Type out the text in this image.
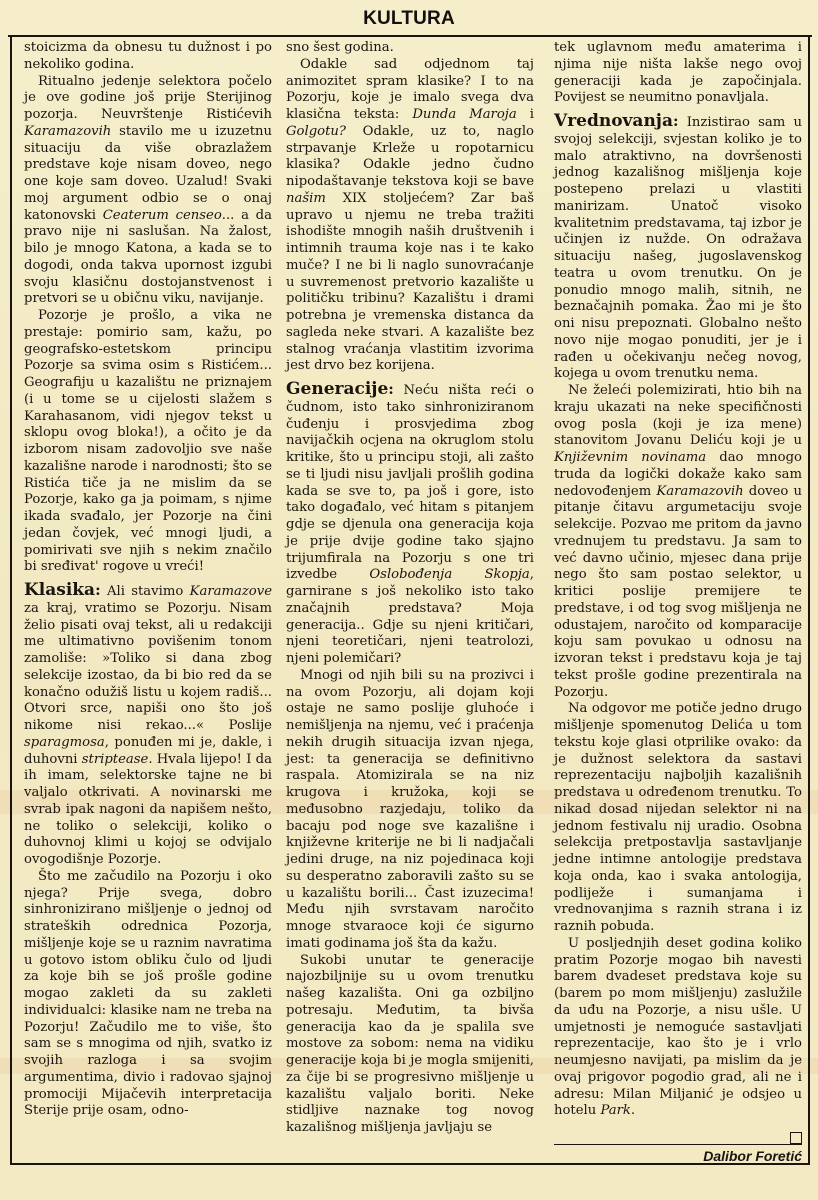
KULTURA

stoicizma da obnesu tu dužnost i po nekoliko godina.

Ritualno jedenje selektora počelo je ove godine još prije Sterijinog pozorja. Neuvrštenje Ristićevih Karamazovih stavilo me u izuzetnu situaciju da više obrazlažem predstave koje nisam doveo, nego one koje sam doveo. Uzalud! Svaki moj argument odbio se o onaj katonovski Ceaterum censeo... a da pravo nije ni saslušan. Na žalost, bilo je mnogo Katona, a kada se to dogodi, onda takva upornost izgubi svoju klasičnu dostojanstvenost i pretvori se u običnu viku, navijanje.

Pozorje je prošlo, a vika ne prestaje: pomirio sam, kažu, po geografsko-estetskom principu Pozorje sa svima osim s Ristićem... Geografiju u kazalištu ne priznajem (i u tome se u cijelosti slažem s Karahasanom, vidi njegov tekst u sklopu ovog bloka!), a očito je da izborom nisam zadovoljio sve naše kazališne narode i narodnosti; što se Ristića tiče ja ne mislim da se Pozorje, kako ga ja poimam, s njime ikada svađalo, jer Pozorje na čini jedan čovjek, već mnogi ljudi, a pomirivati sve njih s nekim značilo bi sređivat' rogove u vreći!

Klasika: Ali stavimo Karamazove za kraj, vratimo se Pozorju. Nisam želio pisati ovaj tekst, ali u redakciji me ultimativno povišenim tonom zamoliše: »Toliko si dana zbog selekcije izostao, da bi bio red da se konačno odužiš listu u kojem radiš... Otvori srce, napiši ono što još nikome nisi rekao...« Poslije sparagmosa, ponuđen mi je, dakle, i duhovni striptease. Hvala lijepo! I da ih imam, selektorske tajne ne bi valjalo otkrivati. A novinarski me svrab ipak nagoni da napišem nešto, ne toliko o selekciji, koliko o duhovnoj klimi u kojoj se odvijalo ovogodišnje Pozorje.

Što me začudilo na Pozorju i oko njega? Prije svega, dobro sinhronizirano mišljenje o jednoj od strateških odrednica Pozorja, mišljenje koje se u raznim navratima u gotovo istom obliku čulo od ljudi za koje bih se još prošle godine mogao zakleti da su zakleti individualci: klasike nam ne treba na Pozorju! Začudilo me to više, što sam se s mnogima od njih, svatko iz svojih razloga i sa svojim argumentima, divio i radovao sjajnoj promociji Mijačevih interpretacija Sterije prije osam, odno-

sno šest godina.

Odakle sad odjednom taj animozitet spram klasike? I to na Pozorju, koje je imalo svega dva klasična teksta: Dunda Maroja i Golgotu? Odakle, uz to, naglo strpavanje Krleže u ropotarnicu klasika? Odakle jedno čudno nipodaštavanje tekstova koji se bave našim XIX stoljećem? Zar baš upravo u njemu ne treba tražiti ishodište mnogih naših društvenih i intimnih trauma koje nas i te kako muče? I ne bi li naglo sunovraćanje u suvremenost pretvorio kazalište u političku tribinu? Kazalištu i drami potrebna je vremenska distanca da sagleda neke stvari. A kazalište bez stalnog vraćanja vlastitim izvorima jest drvo bez korijena.

Generacije: Neću ništa reći o čudnom, isto tako sinhroniziranom čuđenju i prosvjedima zbog navijačkih ocjena na okruglom stolu kritike, što u principu stoji, ali zašto se ti ljudi nisu javljali prošlih godina kada se sve to, pa još i gore, isto tako događalo, već hitam s pitanjem gdje se djenula ona generacija koja je prije dvije godine tako sjajno trijumfirala na Pozorju s one tri izvedbe Oslobođenja Skopja, garnirane s još nekoliko isto tako značajnih predstava? Moja generacija.. Gdje su njeni kritičari, njeni teoretičari, njeni teatrolozi, njeni polemičari?

Mnogi od njih bili su na prozivci i na ovom Pozorju, ali dojam koji ostaje ne samo poslije gluhoće i nemišljenja na njemu, već i praćenja nekih drugih situacija izvan njega, jest: ta generacija se definitivno raspala. Atomizirala se na niz krugova i kružoka, koji se međusobno razjedaju, toliko da bacaju pod noge sve kazališne i književne kriterije ne bi li nadjačali jedini druge, na niz pojedinaca koji su desperatno zaboravili zašto su se u kazalištu borili... Čast izuzecima! Među njih svrstavam naročito mnoge stvaraoce koji će sigurno imati godinama još šta da kažu.

Sukobi unutar te generacije najozbiljnije su u ovom trenutku našeg kazališta. Oni ga ozbiljno potresaju. Međutim, ta bivša generacija kao da je spalila sve mostove za sobom: nema na vidiku generacije koja bi je mogla smijeniti, za čije bi se progresivno mišljenje u kazalištu valjalo boriti. Neke stidljive naznake tog novog kazališnog mišljenja javljaju se

tek uglavnom među amaterima i njima nije ništa lakše nego ovoj generaciji kada je započinjala. Povijest se neumitno ponavljala.

Vrednovanja: Inzistirao sam u svojoj selekciji, svjestan koliko je to malo atraktivno, na dovršenosti jednog kazališnog mišljenja koje postepeno prelazi u vlastiti manirizam. Unatoč visoko kvalitetnim predstavama, taj izbor je učinjen iz nužde. On odražava situaciju našeg, jugoslavenskog teatra u ovom trenutku. On je ponudio mnogo malih, sitnih, ne beznačajnih pomaka. Žao mi je što oni nisu prepoznati. Globalno nešto novo nije mogao ponuditi, jer je i rađen u očekivanju nečeg novog, kojega u ovom trenutku nema.

Ne želeći polemizirati, htio bih na kraju ukazati na neke specifičnosti ovog posla (koji je iza mene) stanovitom Jovanu Deliću koji je u Književnim novinama dao mnogo truda da logički dokaže kako sam nedovođenjem Karamazovih doveo u pitanje čitavu argumetaciju svoje selekcije. Pozvao me pritom da javno vrednujem tu predstavu. Ja sam to već davno učinio, mjesec dana prije nego što sam postao selektor, u kritici poslije premijere te predstave, i od tog svog mišljenja ne odustajem, naročito od komparacije koju sam povukao u odnosu na izvoran tekst i predstavu koja je taj tekst prošle godine prezentirala na Pozorju.

Na odgovor me potiče jedno drugo mišljenje spomenutog Delića u tom tekstu koje glasi otprilike ovako: da je dužnost selektora da sastavi reprezentaciju najboljih kazališnih predstava u određenom trenutku. To nikad dosad nijedan selektor ni na jednom festivalu nij uradio. Osobna selekcija pretpostavlja sastavljanje jedne intimne antologije predstava koja onda, kao i svaka antologija, podliježe i sumanjama i vrednovanjima s raznih strana i iz raznih pobuda.

U posljednjih deset godina koliko pratim Pozorje mogao bih navesti barem dvadeset predstava koje su (barem po mom mišljenju) zaslužile da uđu na Pozorje, a nisu ušle. U umjetnosti je nemoguće sastavljati reprezentacije, kao što je i vrlo neumjesno navijati, pa mislim da je ovaj prigovor pogodio grad, ali ne i adresu: Milan Miljanić je odsjeo u hotelu Park.

Dalibor Foretić
